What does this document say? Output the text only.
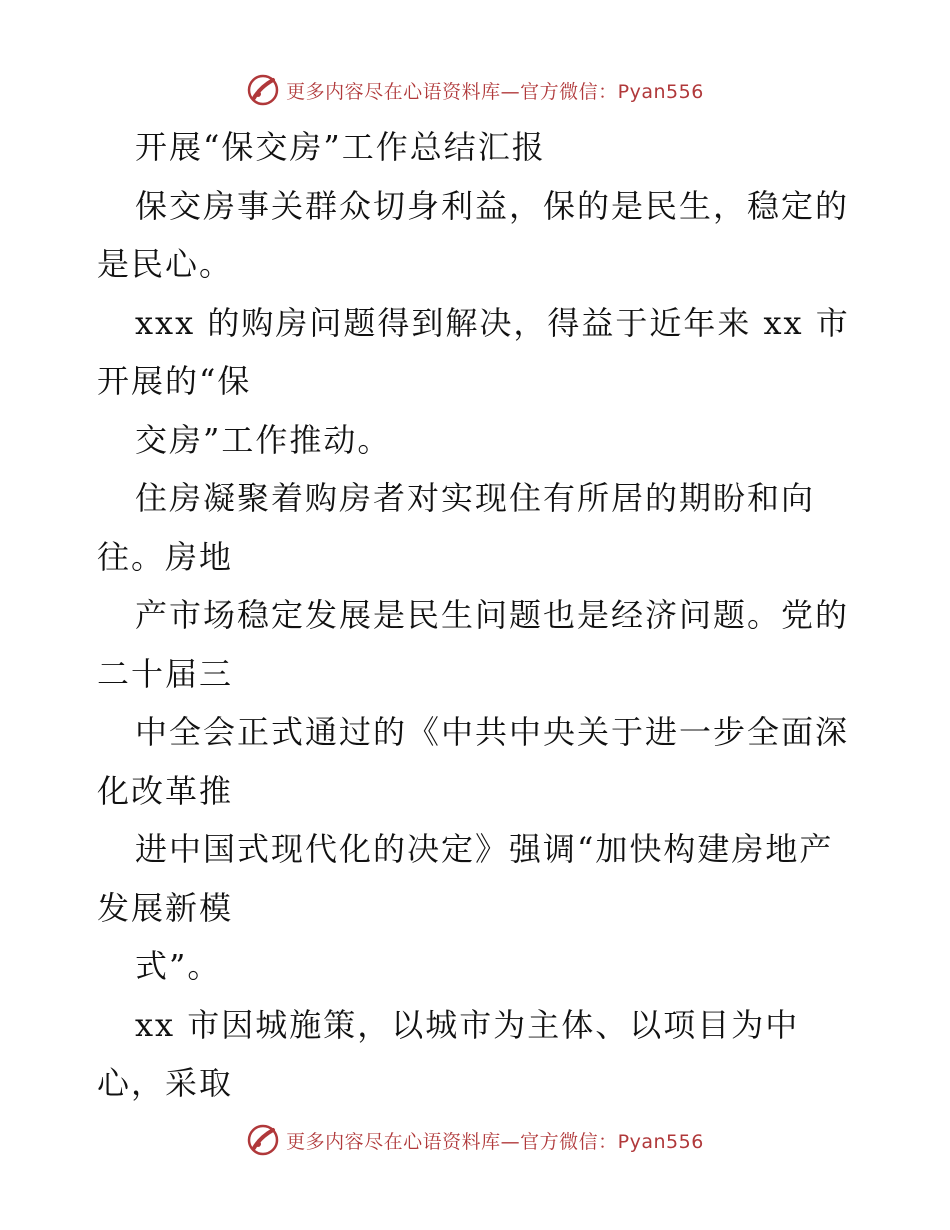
更多内容尽在心语资料库—官方微信：Pyan556
开展“保交房”工作总结汇报
保交房事关群众切身利益，保的是民生，稳定的
是民心。
xxx 的购房问题得到解决，得益于近年来 xx 市
开展的“保
交房”工作推动。
住房凝聚着购房者对实现住有所居的期盼和向
往。房地
产市场稳定发展是民生问题也是经济问题。党的
二十届三
中全会正式通过的《中共中央关于进一步全面深
化改革推
进中国式现代化的决定》强调“加快构建房地产
发展新模
式”。
xx 市因城施策，以城市为主体、以项目为中
心，采取
更多内容尽在心语资料库—官方微信：Pyan556
